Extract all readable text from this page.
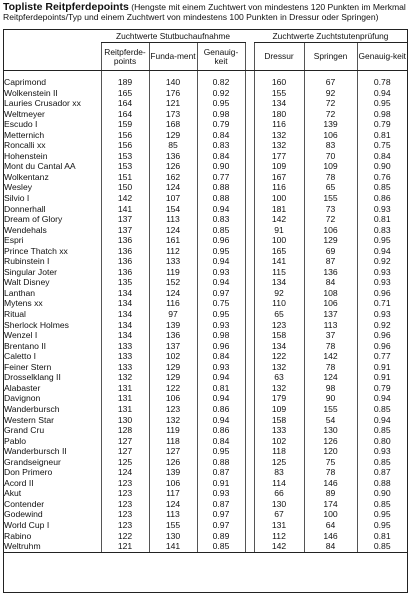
Topliste Reitpferdepoints (Hengste mit einem Zuchtwert von mindestens 120 Punkten im Merkmal Reitpferdepoints/Typ und einem Zuchtwert von mindestens 100 Punkten in Dressur oder Springen)
	Zuchtwerte Stutbuchaufnahme				Zuchtwerte Zuchtstutenprüfung		
	Reitpferde-points	Funda-ment	Genauig-keit		Dressur	Springen	Genauig-keit
Caprimond	189	140	0.82		160	67	0.78
Wolkenstein II	165	176	0.92		155	92	0.94
Lauries Crusador xx	164	121	0.95		134	72	0.95
Weltmeyer	164	173	0.98		180	72	0.98
Escudo I	159	168	0.79		116	139	0.79
Metternich	156	129	0.84		132	106	0.81
Roncalli xx	156	85	0.83		132	83	0.75
Hohenstein	153	136	0.84		177	70	0.84
Mont du Cantal AA	153	126	0.90		109	109	0.90
Wolkentanz	151	162	0.77		167	78	0.76
Wesley	150	124	0.88		116	65	0.85
Silvio I	142	107	0.88		100	155	0.86
Donnerhall	141	154	0.94		181	73	0.93
Dream of Glory	137	113	0.83		142	72	0.81
Wendehals	137	124	0.85		91	106	0.83
Espri	136	161	0.96		100	129	0.95
Prince Thatch xx	136	112	0.95		165	69	0.94
Rubinstein I	136	133	0.94		141	87	0.92
Singular Joter	136	119	0.93		115	136	0.93
Walt Disney	135	152	0.94		134	84	0.93
Lanthan	134	124	0.97		92	108	0.96
Mytens xx	134	116	0.75		110	106	0.71
Ritual	134	97	0.95		65	137	0.93
Sherlock Holmes	134	139	0.93		123	113	0.92
Wenzel I	134	136	0.98		158	37	0.96
Brentano II	133	137	0.96		134	78	0.96
Caletto I	133	102	0.84		122	142	0.77
Feiner Stern	133	129	0.93		132	78	0.91
Drosselklang II	132	129	0.94		63	124	0.91
Alabaster	131	122	0.81		132	98	0.79
Davignon	131	106	0.94		179	90	0.94
Wanderbursch	131	123	0.86		109	155	0.85
Western Star	130	132	0.94		158	54	0.94
Grand Cru	128	119	0.86		133	130	0.85
Pablo	127	118	0.84		102	126	0.80
Wanderbursch II	127	127	0.95		118	120	0.93
Grandseigneur	125	126	0.88		125	75	0.85
Don Primero	124	139	0.87		83	78	0.87
Acord II	123	106	0.91		114	146	0.88
Akut	123	117	0.93		66	89	0.90
Contender	123	124	0.87		130	174	0.85
Godewind	123	113	0.97		67	100	0.95
World Cup I	123	155	0.97		131	64	0.95
Rabino	122	130	0.89		112	146	0.81
Weltruhm	121	141	0.85		142	84	0.85
